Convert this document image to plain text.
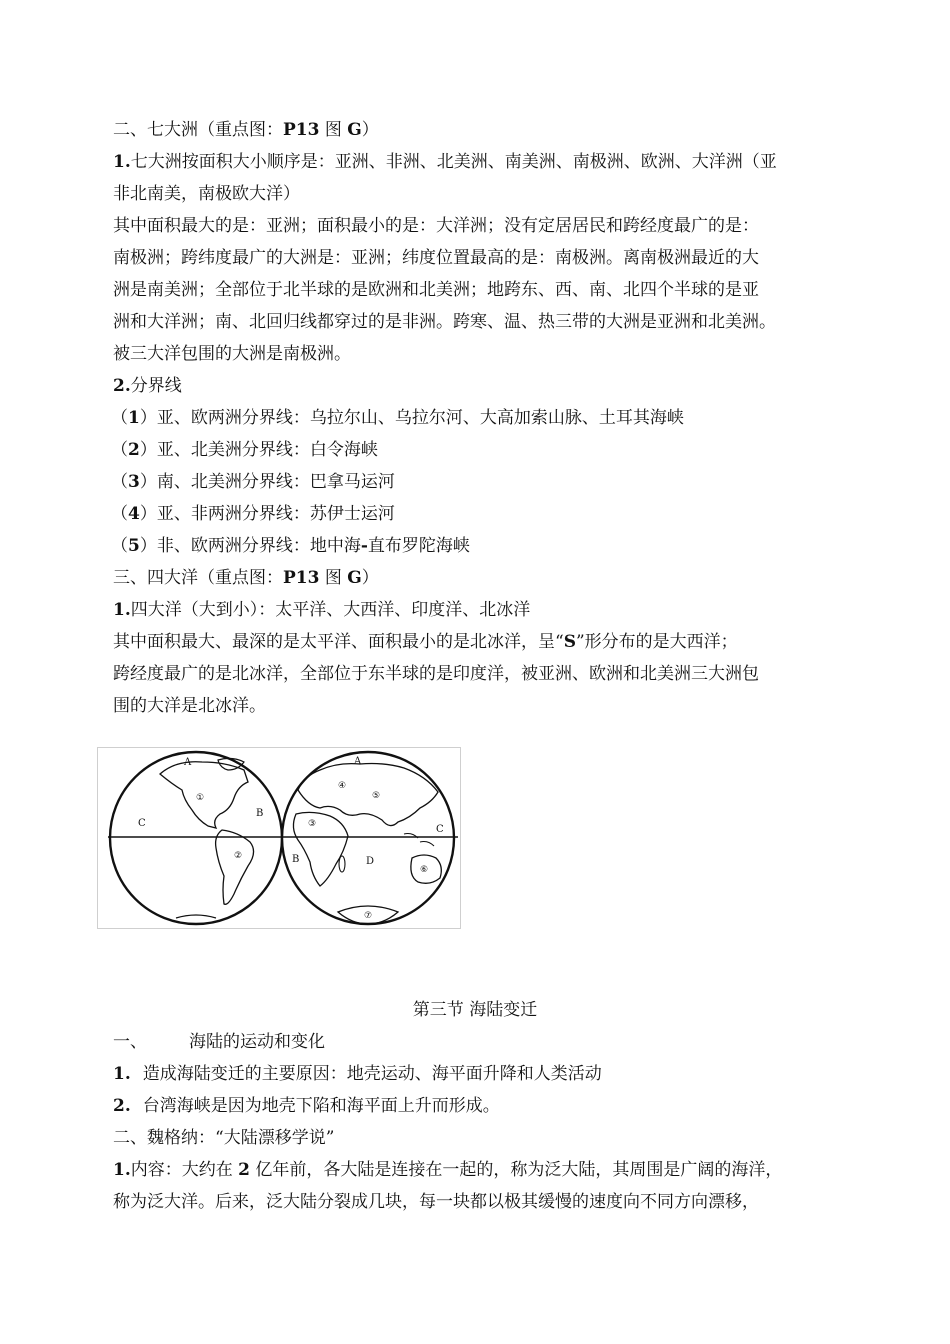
二、七大洲（重点图：P13 图 G）
1.七大洲按面积大小顺序是：亚洲、非洲、北美洲、南美洲、南极洲、欧洲、大洋洲（亚
非北南美，南极欧大洋）
其中面积最大的是：亚洲；面积最小的是：大洋洲；没有定居居民和跨经度最广的是：
南极洲；跨纬度最广的大洲是：亚洲；纬度位置最高的是：南极洲。离南极洲最近的大
洲是南美洲；全部位于北半球的是欧洲和北美洲；地跨东、西、南、北四个半球的是亚
洲和大洋洲；南、北回归线都穿过的是非洲。跨寒、温、热三带的大洲是亚洲和北美洲。
被三大洋包围的大洲是南极洲。
2.分界线
（1）亚、欧两洲分界线：乌拉尔山、乌拉尔河、大高加索山脉、土耳其海峡
（2）亚、北美洲分界线：白令海峡
（3）南、北美洲分界线：巴拿马运河
（4）亚、非两洲分界线：苏伊士运河
（5）非、欧两洲分界线：地中海-直布罗陀海峡
三、四大洋（重点图：P13 图 G）
1.四大洋（大到小）：太平洋、大西洋、印度洋、北冰洋
其中面积最大、最深的是太平洋、面积最小的是北冰洋，呈“S”形分布的是大西洋；
跨经度最广的是北冰洋，全部位于东半球的是印度洋，被亚洲、欧洲和北美洲三大洲包
围的大洋是北冰洋。
A	A
B
B
C
C
D
①
②
③
④
⑤
⑥
⑦
第三节 海陆变迁
一、 海陆的运动和变化
1. 造成海陆变迁的主要原因：地壳运动、海平面升降和人类活动
2. 台湾海峡是因为地壳下陷和海平面上升而形成。
二、魏格纳：“大陆漂移学说”
1.内容：大约在 2 亿年前，各大陆是连接在一起的，称为泛大陆，其周围是广阔的海洋，
称为泛大洋。后来，泛大陆分裂成几块，每一块都以极其缓慢的速度向不同方向漂移，
